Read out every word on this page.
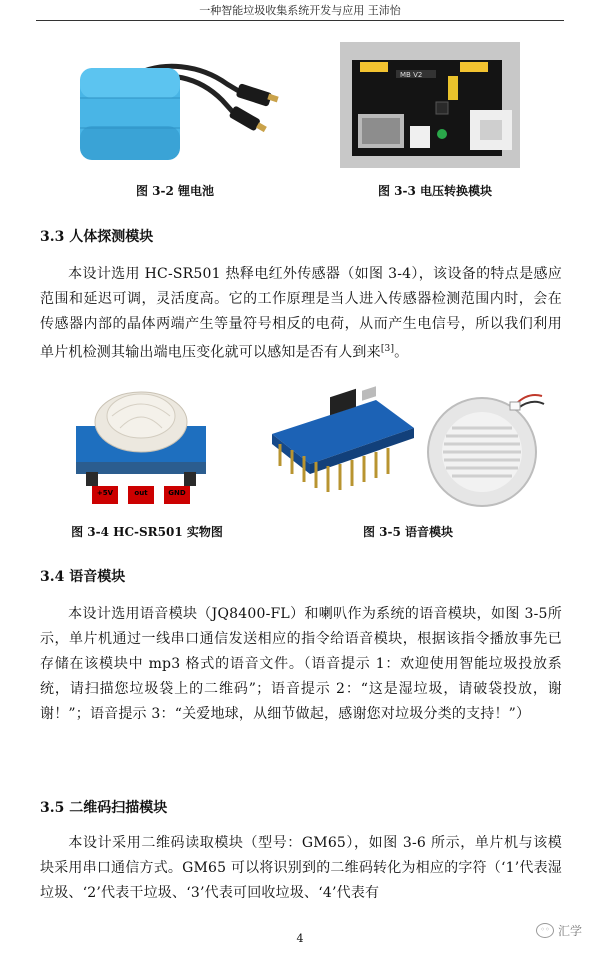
一种智能垃圾收集系统开发与应用 王沛怡
图 3-2 锂电池
MB V2
图 3-3 电压转换模块
3.3 人体探测模块

本设计选用 HC-SR501 热释电红外传感器（如图 3-4），该设备的特点是感应范围和延迟可调，灵活度高。它的工作原理是当人进入传感器检测范围内时，会在传感器内部的晶体两端产生等量符号相反的电荷，从而产生电信号，所以我们利用单片机检测其输出端电压变化就可以感知是否有人到来[3]。

+5V	out	GND
图 3-4 HC-SR501 实物图	图 3-5 语音模块
3.4 语音模块

本设计选用语音模块（JQ8400-FL）和喇叭作为系统的语音模块，如图 3-5所示，单片机通过一线串口通信发送相应的指令给语音模块，根据该指令播放事先已存储在该模块中 mp3 格式的语音文件。（语音提示 1：欢迎使用智能垃圾投放系统，请扫描您垃圾袋上的二维码”；语音提示 2：“这是湿垃圾，请破袋投放，谢谢！”；语音提示 3：“关爱地球，从细节做起，感谢您对垃圾分类的支持！”）

3.5 二维码扫描模块

本设计采用二维码读取模块（型号：GM65），如图 3-6 所示，单片机与该模块采用串口通信方式。GM65 可以将识别到的二维码转化为相应的字符（‘1’代表湿垃圾、‘2’代表干垃圾、‘3’代表可回收垃圾、‘4’代表有

4
◦◦ 汇学
